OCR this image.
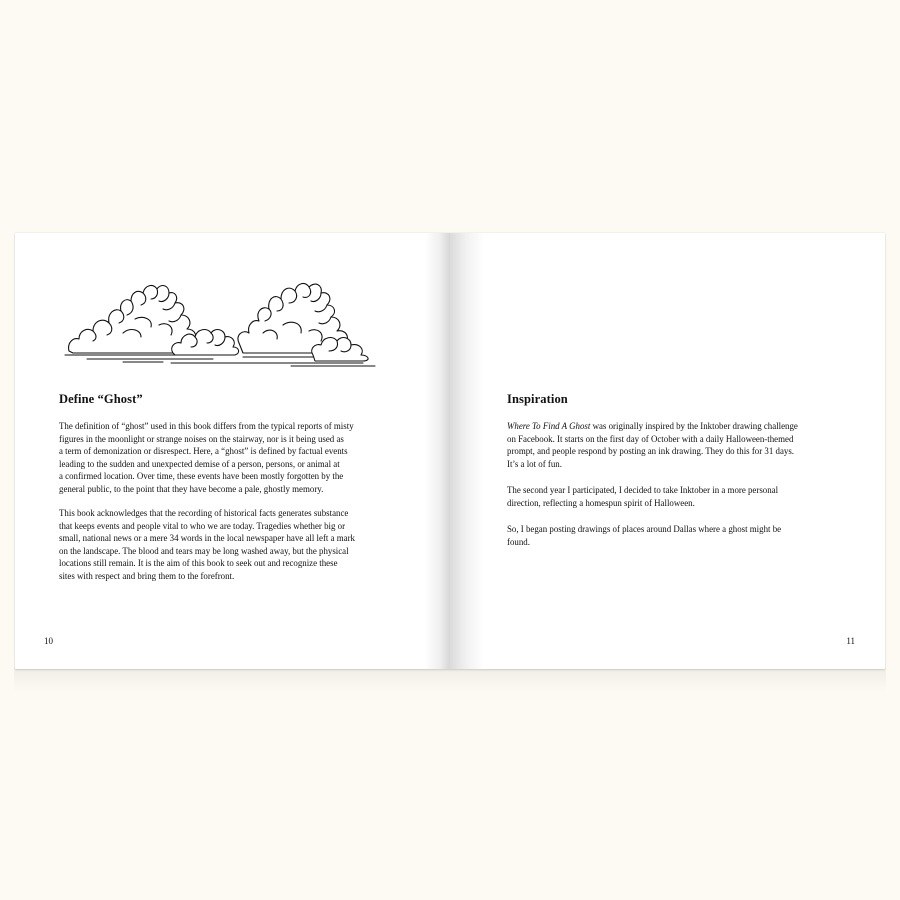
Define “Ghost”

The definition of “ghost” used in this book differs from the typical reports of misty
figures in the moonlight or strange noises on the stairway, nor is it being used as
a term of demonization or disrespect. Here, a “ghost” is defined by factual events
leading to the sudden and unexpected demise of a person, persons, or animal at
a confirmed location. Over time, these events have been mostly forgotten by the
general public, to the point that they have become a pale, ghostly memory.

This book acknowledges that the recording of historical facts generates substance
that keeps events and people vital to who we are today. Tragedies whether big or
small, national news or a mere 34 words in the local newspaper have all left a mark
on the landscape. The blood and tears may be long washed away, but the physical
locations still remain. It is the aim of this book to seek out and recognize these
sites with respect and bring them to the forefront.

10
Inspiration

Where To Find A Ghost was originally inspired by the Inktober drawing challenge
on Facebook. It starts on the first day of October with a daily Halloween-themed
prompt, and people respond by posting an ink drawing. They do this for 31 days.
It’s a lot of fun.

The second year I participated, I decided to take Inktober in a more personal
direction, reflecting a homespun spirit of Halloween.

So, I began posting drawings of places around Dallas where a ghost might be
found.

11
